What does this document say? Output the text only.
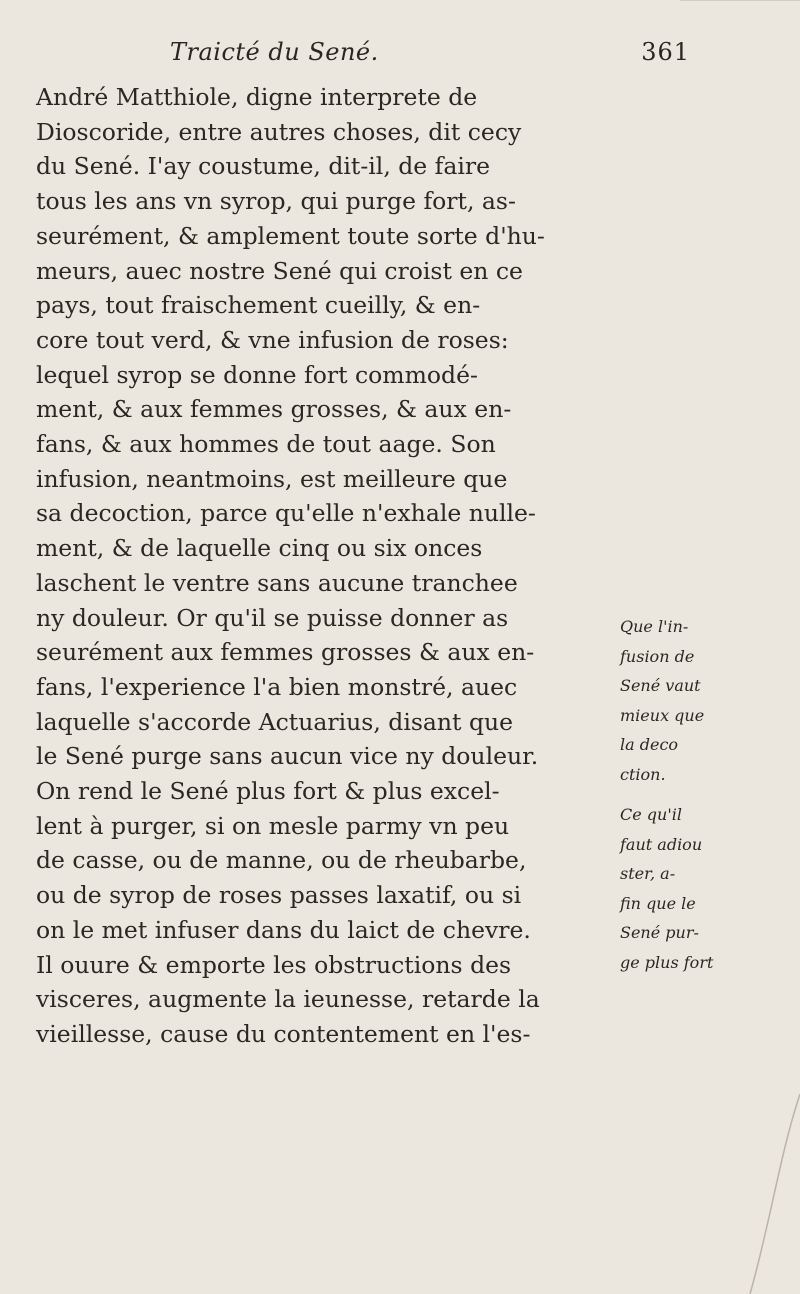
Traicté du Sené.	361
André Matthiole, digne interprete de
Dioscoride, entre autres choses, dit cecy
du Sené. I'ay coustume, dit-il, de faire
tous les ans vn syrop, qui purge fort, as-
seurément, & amplement toute sorte d'hu-
meurs, auec nostre Sené qui croist en ce
pays, tout fraischement cueilly, & en-
core tout verd, & vne infusion de roses:
lequel syrop se donne fort commodé-
ment, & aux femmes grosses, & aux en-
fans, & aux hommes de tout aage. Son
infusion, neantmoins, est meilleure que
sa decoction, parce qu'elle n'exhale nulle-
ment, & de laquelle cinq ou six onces
laschent le ventre sans aucune tranchee
ny douleur. Or qu'il se puisse donner as
seurément aux femmes grosses & aux en-
fans, l'experience l'a bien monstré, auec
laquelle s'accorde Actuarius, disant que
le Sené purge sans aucun vice ny douleur.
On rend le Sené plus fort & plus excel-
lent à purger, si on mesle parmy vn peu
de casse, ou de manne, ou de rheubarbe,
ou de syrop de roses passes laxatif, ou si
on le met infuser dans du laict de chevre.
Il ouure & emporte les obstructions des
visceres, augmente la ieunesse, retarde la
vieillesse, cause du contentement en l'es-
Que l'in-
fusion de
Sené vaut
mieux que
la deco
ction.
Ce qu'il
faut adiou
ster, a-
fin que le
Sené pur-
ge plus fort
